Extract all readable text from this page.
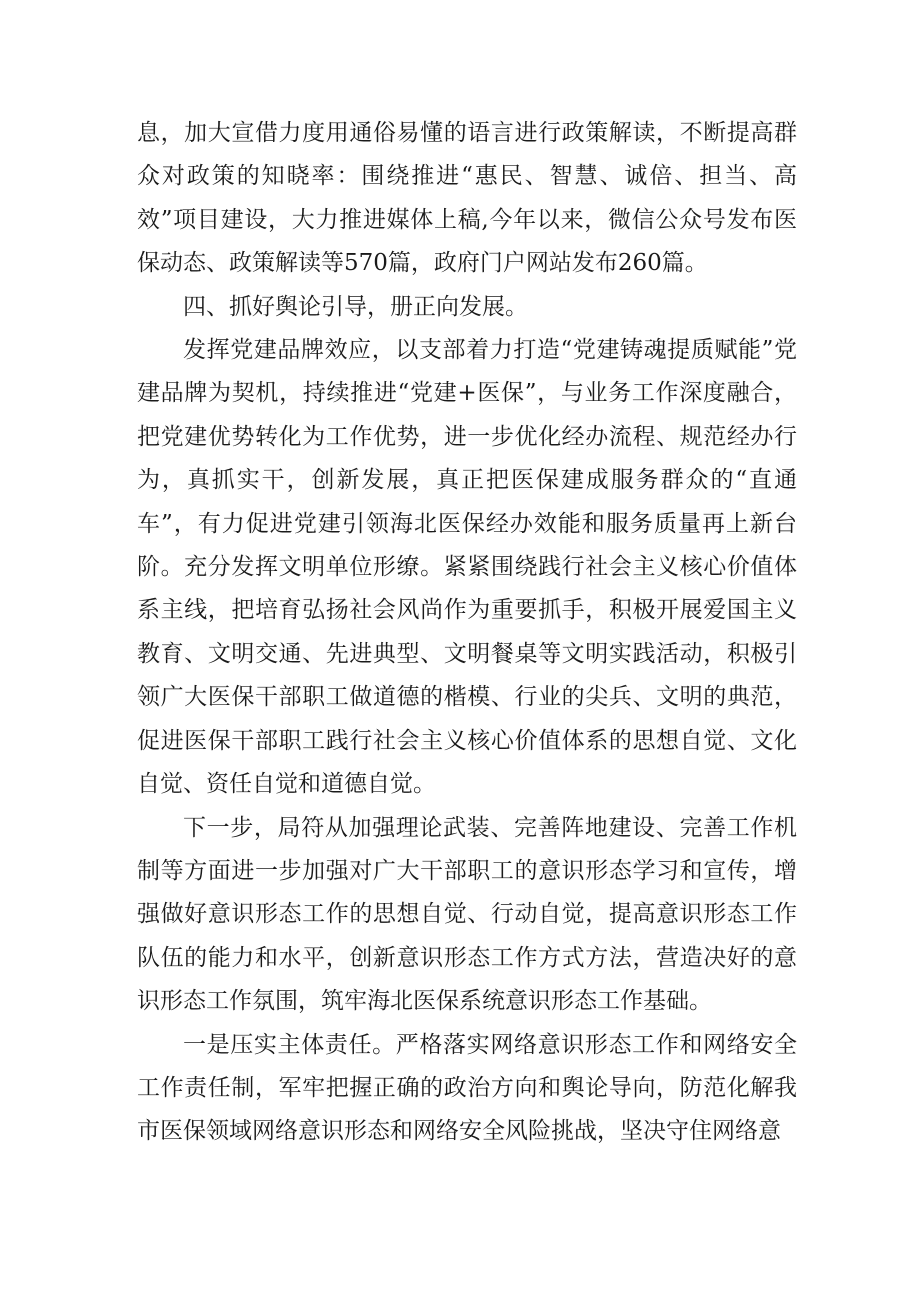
息，加大宣借力度用通俗易懂的语言进行政策解读，不断提高群众对政策的知晓率：围绕推进“惠民、智慧、诚倍、担当、高效”项目建设，大力推进媒体上稿,今年以来，微信公众号发布医保动态、政策解读等570篇，政府门户网站发布260篇。

四、抓好舆论引导，册正向发展。

发挥党建品牌效应，以支部着力打造“党建铸魂提质赋能”党建品牌为契机，持续推进“党建+医保”，与业务工作深度融合，把党建优势转化为工作优势，进一步优化经办流程、规范经办行为，真抓实干，创新发展，真正把医保建成服务群众的“直通车”，有力促进党建引领海北医保经办效能和服务质量再上新台阶。充分发挥文明单位形缭。紧紧围绕践行社会主义核心价值体系主线，把培育弘扬社会风尚作为重要抓手，积极开展爱国主义教育、文明交通、先进典型、文明餐桌等文明实践活动，积极引领广大医保干部职工做道德的楷模、行业的尖兵、文明的典范，促进医保干部职工践行社会主义核心价值体系的思想自觉、文化自觉、资任自觉和道德自觉。

下一步，局符从加强理论武装、完善阵地建设、完善工作机制等方面进一步加强对广大干部职工的意识形态学习和宣传，增强做好意识形态工作的思想自觉、行动自觉，提高意识形态工作队伍的能力和水平，创新意识形态工作方式方法，营造决好的意识形态工作氛围，筑牢海北医保系统意识形态工作基础。

一是压实主体责任。严格落实网络意识形态工作和网络安全工作责任制，军牢把握正确的政治方向和舆论导向，防范化解我市医保领域网络意识形态和网络安全风险挑战，坚决守住网络意
